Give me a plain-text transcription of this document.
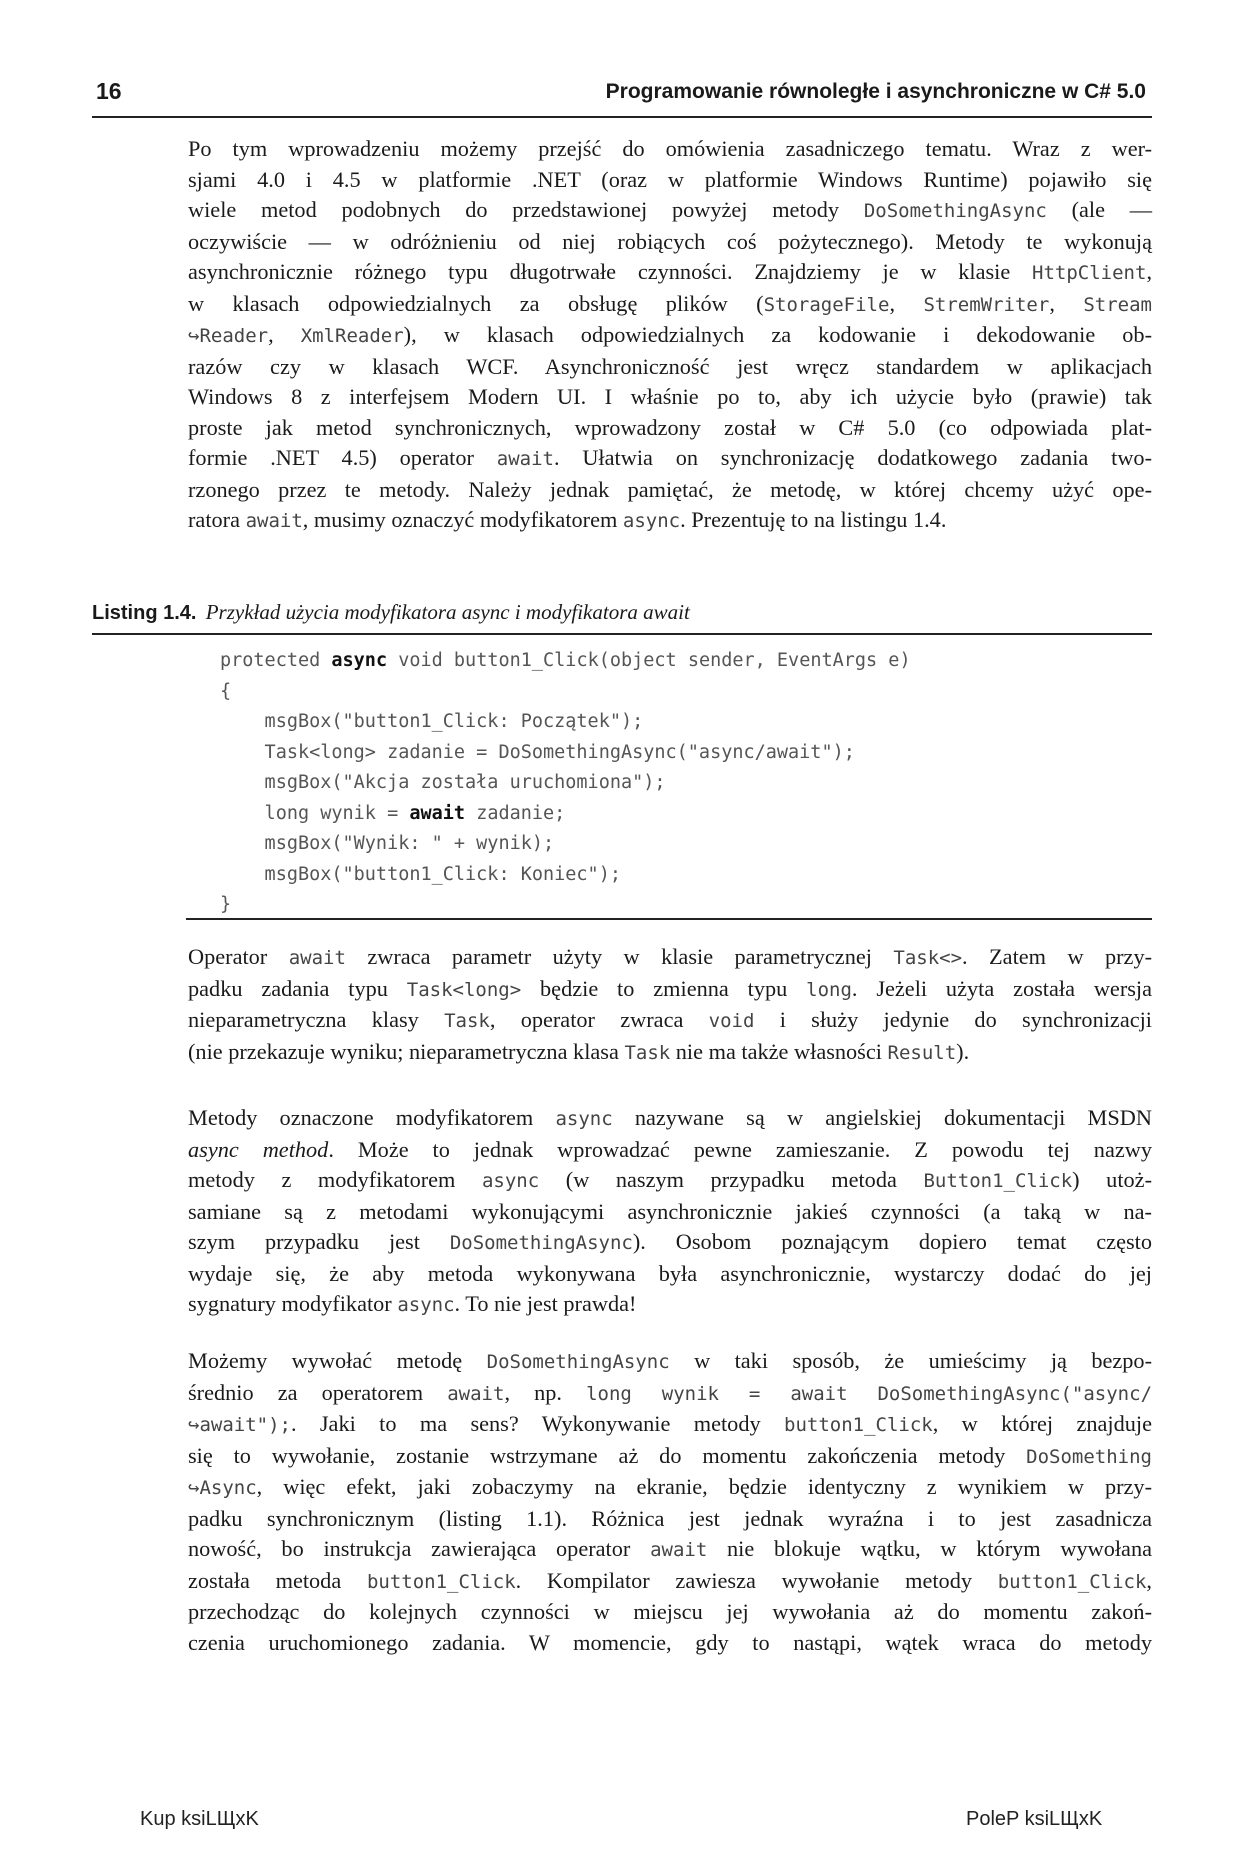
16	Programowanie równoległe i asynchroniczne w C# 5.0
Po tym wprowadzeniu możemy przejść do omówienia zasadniczego tematu. Wraz z wer-
sjami 4.0 i 4.5 w platformie .NET (oraz w platformie Windows Runtime) pojawiło się
wiele metod podobnych do przedstawionej powyżej metody DoSomethingAsync (ale —
oczywiście — w odróżnieniu od niej robiących coś pożytecznego). Metody te wykonują
asynchronicznie różnego typu długotrwałe czynności. Znajdziemy je w klasie HttpClient,
w klasach odpowiedzialnych za obsługę plików (StorageFile, StremWriter, Stream
↪Reader, XmlReader), w klasach odpowiedzialnych za kodowanie i dekodowanie ob-
razów czy w klasach WCF. Asynchroniczność jest wręcz standardem w aplikacjach
Windows 8 z interfejsem Modern UI. I właśnie po to, aby ich użycie było (prawie) tak
proste jak metod synchronicznych, wprowadzony został w C# 5.0 (co odpowiada plat-
formie .NET 4.5) operator await. Ułatwia on synchronizację dodatkowego zadania two-
rzonego przez te metody. Należy jednak pamiętać, że metodę, w której chcemy użyć ope-
ratora await, musimy oznaczyć modyfikatorem async. Prezentuję to na listingu 1.4.
Listing 1.4. Przykład użycia modyfikatora async i modyfikatora await
protected async void button1_Click(object sender, EventArgs e)
{
msgBox("button1_Click: Początek");
Task<long> zadanie = DoSomethingAsync("async/await");
msgBox("Akcja została uruchomiona");
long wynik = await zadanie;
msgBox("Wynik: " + wynik);
msgBox("button1_Click: Koniec");
}
Operator await zwraca parametr użyty w klasie parametrycznej Task<>. Zatem w przy-
padku zadania typu Task<long> będzie to zmienna typu long. Jeżeli użyta została wersja
nieparametryczna klasy Task, operator zwraca void i służy jedynie do synchronizacji
(nie przekazuje wyniku; nieparametryczna klasa Task nie ma także własności Result).
Metody oznaczone modyfikatorem async nazywane są w angielskiej dokumentacji MSDN
async method. Może to jednak wprowadzać pewne zamieszanie. Z powodu tej nazwy
metody z modyfikatorem async (w naszym przypadku metoda Button1_Click) utoż-
samiane są z metodami wykonującymi asynchronicznie jakieś czynności (a taką w na-
szym przypadku jest DoSomethingAsync). Osobom poznającym dopiero temat często
wydaje się, że aby metoda wykonywana była asynchronicznie, wystarczy dodać do jej
sygnatury modyfikator async. To nie jest prawda!
Możemy wywołać metodę DoSomethingAsync w taki sposób, że umieścimy ją bezpo-
średnio za operatorem await, np. long wynik = await DoSomethingAsync("async/
↪await");. Jaki to ma sens? Wykonywanie metody button1_Click, w której znajduje
się to wywołanie, zostanie wstrzymane aż do momentu zakończenia metody DoSomething
↪Async, więc efekt, jaki zobaczymy na ekranie, będzie identyczny z wynikiem w przy-
padku synchronicznym (listing 1.1). Różnica jest jednak wyraźna i to jest zasadnicza
nowość, bo instrukcja zawierająca operator await nie blokuje wątku, w którym wywołana
została metoda button1_Click. Kompilator zawiesza wywołanie metody button1_Click,
przechodząc do kolejnych czynności w miejscu jej wywołania aż do momentu zakoń-
czenia uruchomionego zadania. W momencie, gdy to nastąpi, wątek wraca do metody
Kup ksiLЩxK	PoleP ksiLЩxK
